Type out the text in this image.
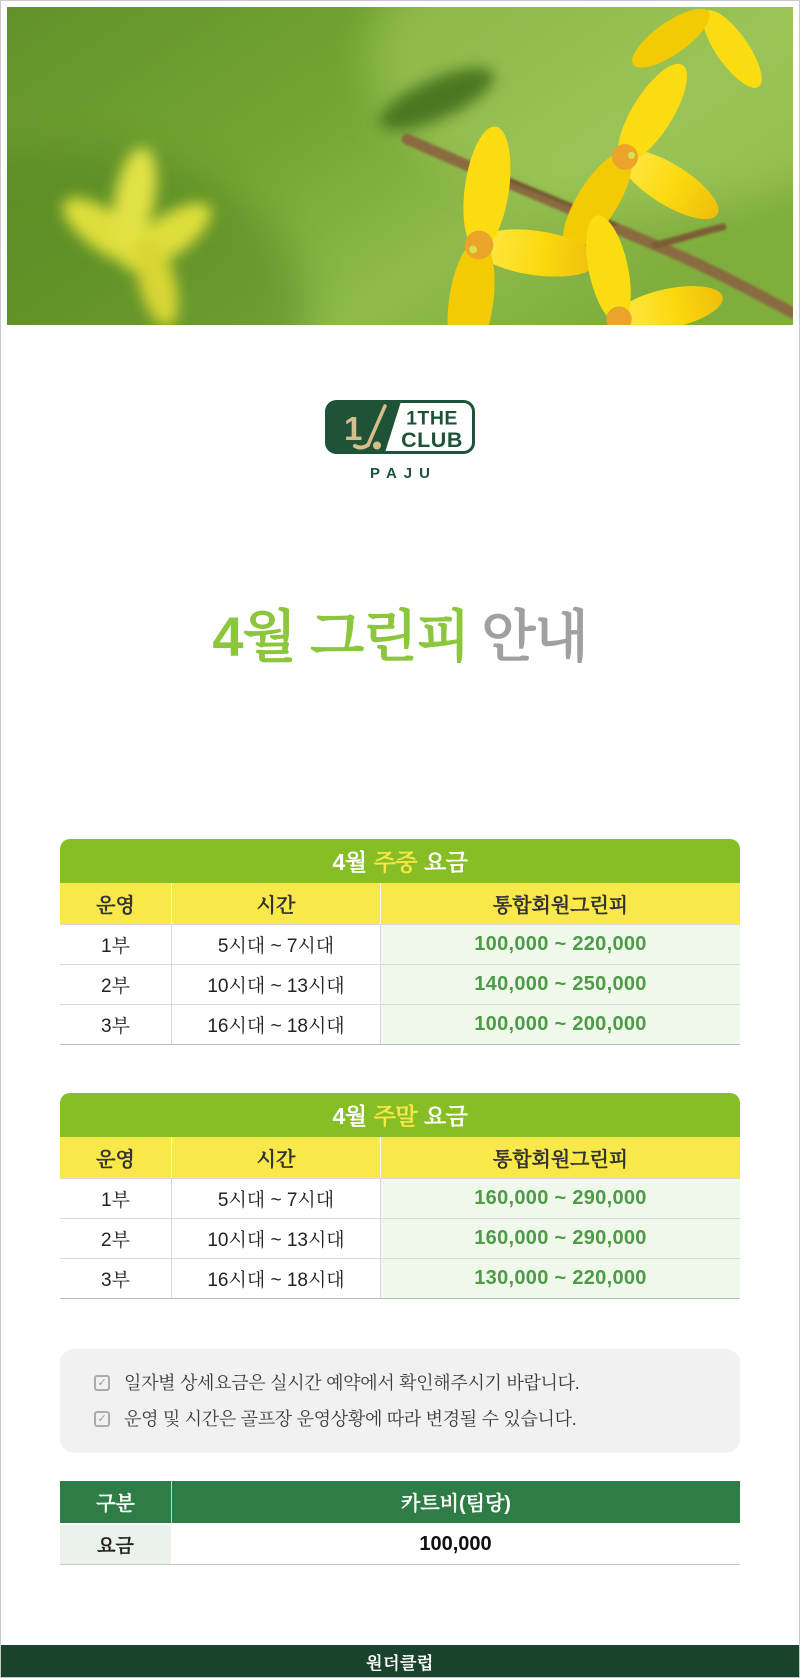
1 1THE
CLUB
PAJU
4월 그린피 안내
4월 주중 요금
운영	시간	통합회원그린피
1부	5시대 ~ 7시대	100,000 ~ 220,000
2부	10시대 ~ 13시대	140,000 ~ 250,000
3부	16시대 ~ 18시대	100,000 ~ 200,000
4월 주말 요금
운영	시간	통합회원그린피
1부	5시대 ~ 7시대	160,000 ~ 290,000
2부	10시대 ~ 13시대	160,000 ~ 290,000
3부	16시대 ~ 18시대	130,000 ~ 220,000
✓ 일자별 상세요금은 실시간 예약에서 확인해주시기 바랍니다.
✓ 운영 및 시간은 골프장 운영상황에 따라 변경될 수 있습니다.
구분	카트비(팀당)
요금	100,000
원더클럽
